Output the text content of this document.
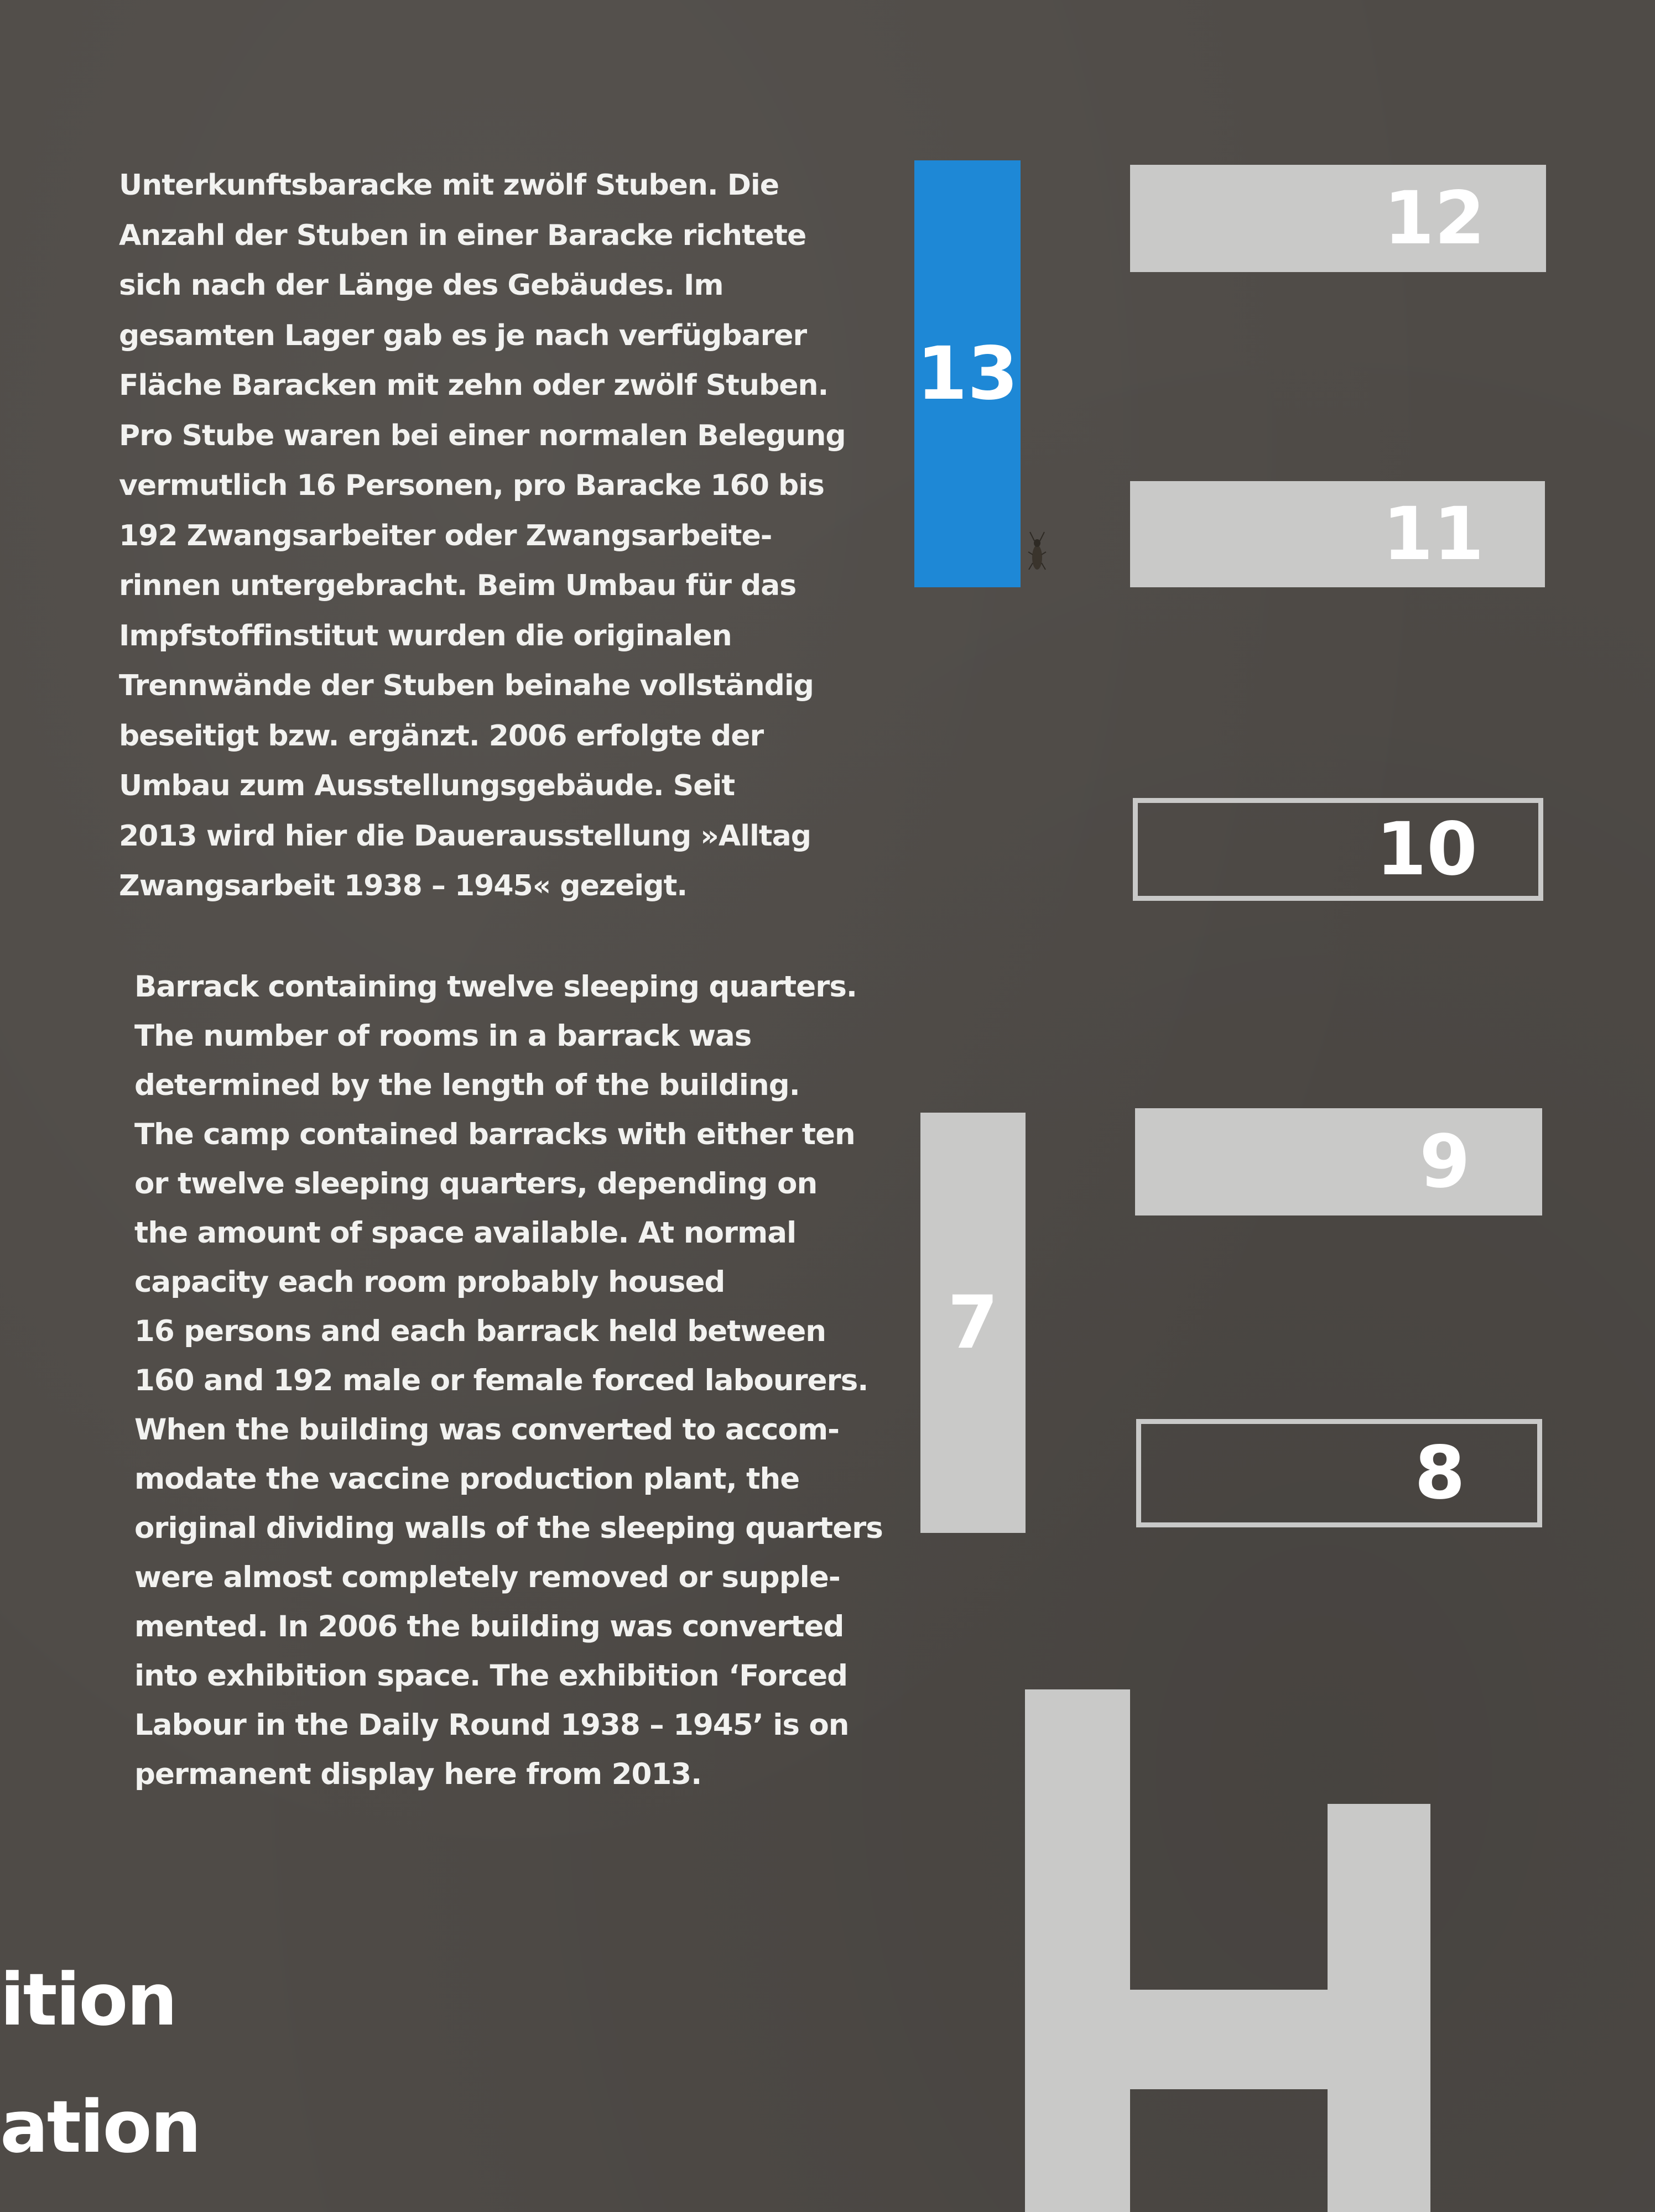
Unterkunftsbaracke mit zwölf Stuben. Die
Anzahl der Stuben in einer Baracke richtete
sich nach der Länge des Gebäudes. Im
gesamten Lager gab es je nach verfügbarer
Fläche Baracken mit zehn oder zwölf Stuben.
Pro Stube waren bei einer normalen Belegung
vermutlich 16 Personen, pro Baracke 160 bis
192 Zwangsarbeiter oder Zwangsarbeite-
rinnen untergebracht. Beim Umbau für das
Impfstoffinstitut wurden die originalen
Trennwände der Stuben beinahe vollständig
beseitigt bzw. ergänzt. 2006 erfolgte der
Umbau zum Ausstellungsgebäude. Seit
2013 wird hier die Dauerausstellung »Alltag
Zwangsarbeit 1938 – 1945« gezeigt.

Barrack containing twelve sleeping quarters.
The number of rooms in a barrack was
determined by the length of the building.
The camp contained barracks with either ten
or twelve sleeping quarters, depending on
the amount of space available. At normal
capacity each room probably housed
16 persons and each barrack held between
160 and 192 male or female forced labourers.
When the building was converted to accom-
modate the vaccine production plant, the
original dividing walls of the sleeping quarters
were almost completely removed or supple-
mented. In 2006 the building was converted
into exhibition space. The exhibition ‘Forced
Labour in the Daily Round 1938 – 1945’ is on
permanent display here from 2013.

13
12
11
10
9
8
7
ition
ation
